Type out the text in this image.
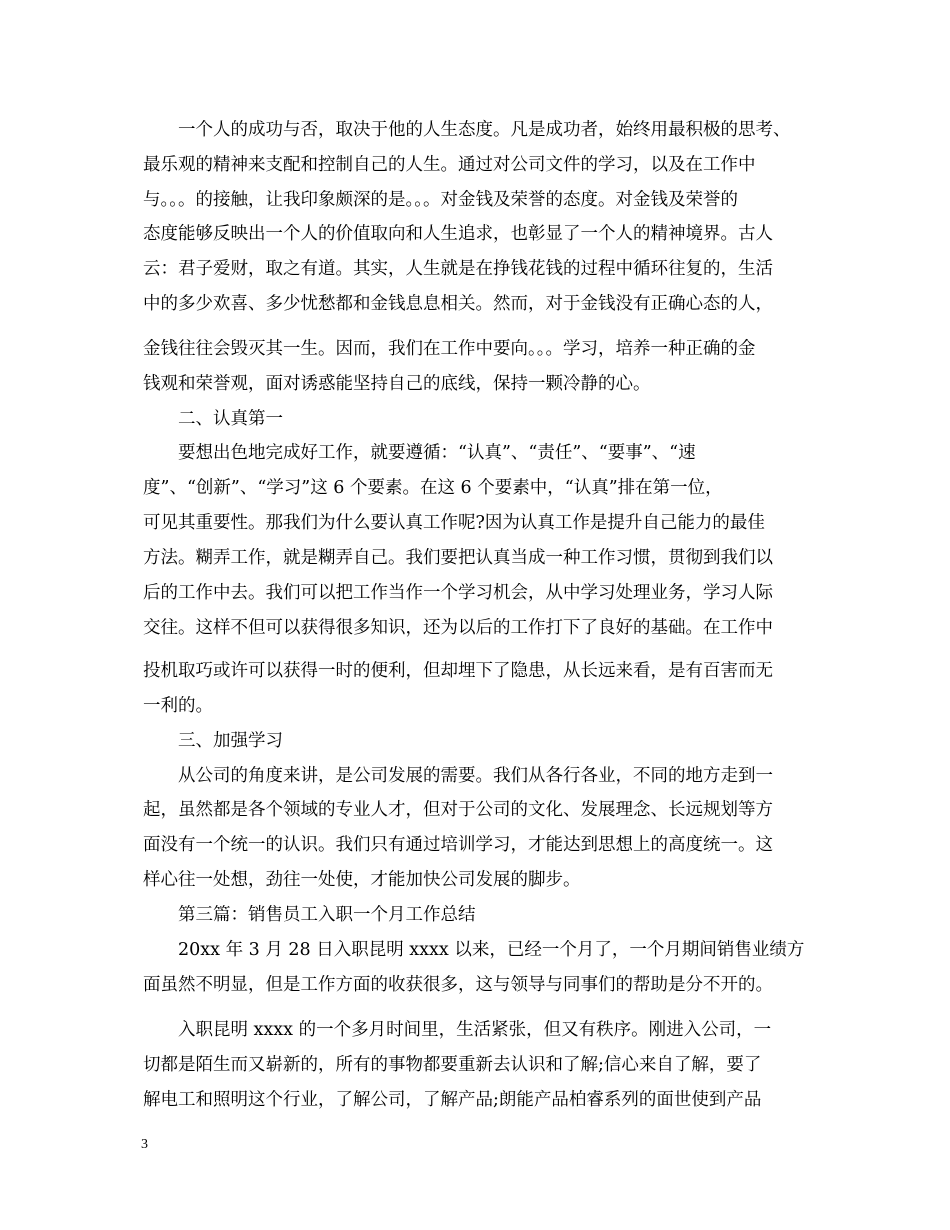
一个人的成功与否，取决于他的人生态度。凡是成功者，始终用最积极的思考、
最乐观的精神来支配和控制自己的人生。通过对公司文件的学习，以及在工作中
与。。。的接触，让我印象颇深的是。。。对金钱及荣誉的态度。对金钱及荣誉的
态度能够反映出一个人的价值取向和人生追求，也彰显了一个人的精神境界。古人
云：君子爱财，取之有道。其实，人生就是在挣钱花钱的过程中循环往复的，生活
中的多少欢喜、多少忧愁都和金钱息息相关。然而，对于金钱没有正确心态的人，
金钱往往会毁灭其一生。因而，我们在工作中要向。。。学习，培养一种正确的金
钱观和荣誉观，面对诱惑能坚持自己的底线，保持一颗冷静的心。
二、认真第一
要想出色地完成好工作，就要遵循：“认真”、“责任”、“要事”、“速
度”、“创新”、“学习”这 6 个要素。在这 6 个要素中，“认真”排在第一位，
可见其重要性。那我们为什么要认真工作呢?因为认真工作是提升自己能力的最佳
方法。糊弄工作，就是糊弄自己。我们要把认真当成一种工作习惯，贯彻到我们以
后的工作中去。我们可以把工作当作一个学习机会，从中学习处理业务，学习人际
交往。这样不但可以获得很多知识，还为以后的工作打下了良好的基础。在工作中
投机取巧或许可以获得一时的便利，但却埋下了隐患，从长远来看，是有百害而无
一利的。
三、加强学习
从公司的角度来讲，是公司发展的需要。我们从各行各业，不同的地方走到一
起，虽然都是各个领域的专业人才，但对于公司的文化、发展理念、长远规划等方
面没有一个统一的认识。我们只有通过培训学习，才能达到思想上的高度统一。这
样心往一处想，劲往一处使，才能加快公司发展的脚步。
第三篇：销售员工入职一个月工作总结
20xx 年 3 月 28 日入职昆明 xxxx 以来，已经一个月了，一个月期间销售业绩方
面虽然不明显，但是工作方面的收获很多，这与领导与同事们的帮助是分不开的。
入职昆明 xxxx 的一个多月时间里，生活紧张，但又有秩序。刚进入公司，一
切都是陌生而又崭新的，所有的事物都要重新去认识和了解;信心来自了解，要了
解电工和照明这个行业，了解公司，了解产品;朗能产品柏睿系列的面世使到产品
3
